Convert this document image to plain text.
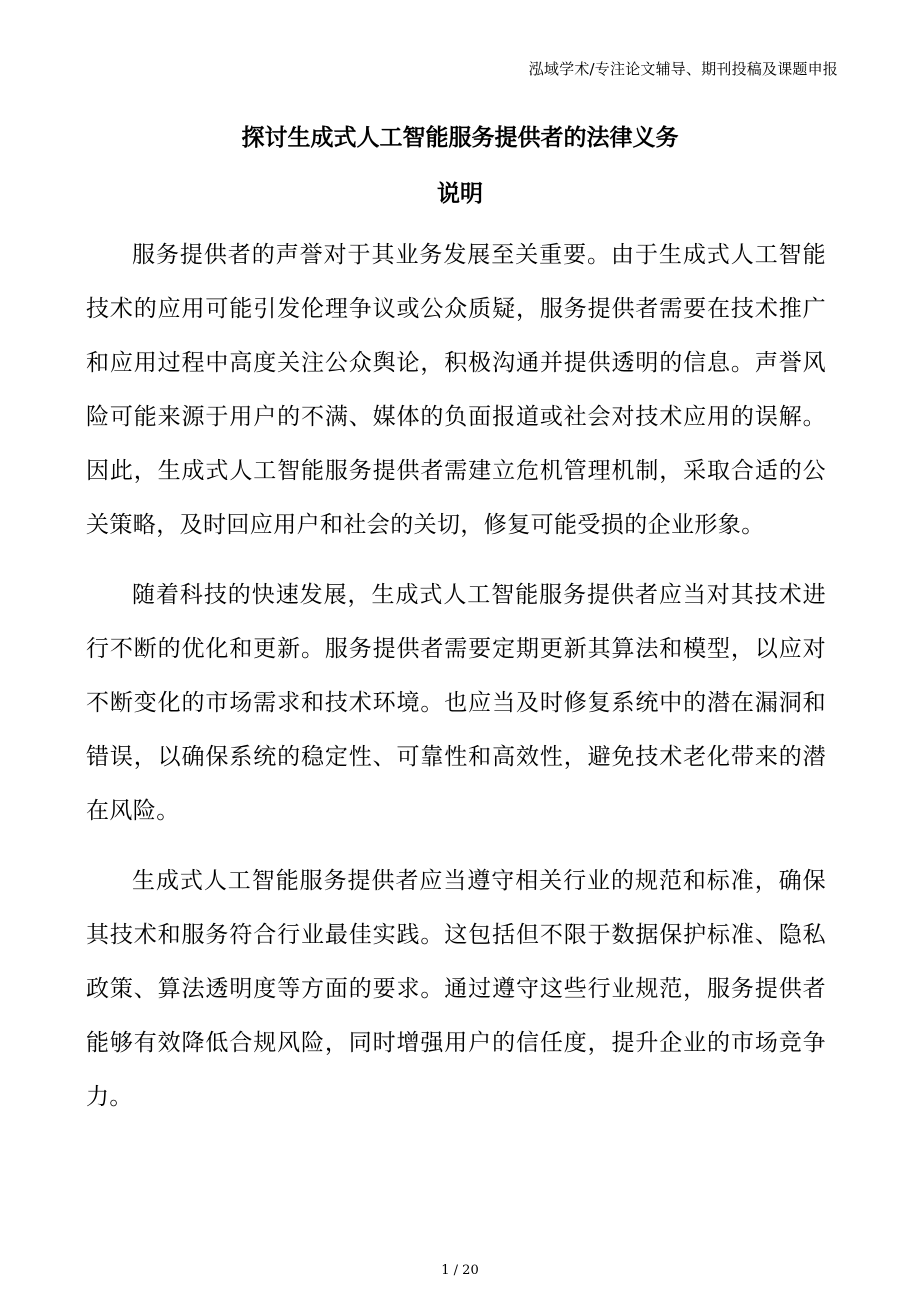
泓域学术/专注论文辅导、期刊投稿及课题申报
探讨生成式人工智能服务提供者的法律义务
说明

服务提供者的声誉对于其业务发展至关重要。由于生成式人工智能技术的应用可能引发伦理争议或公众质疑，服务提供者需要在技术推广和应用过程中高度关注公众舆论，积极沟通并提供透明的信息。声誉风险可能来源于用户的不满、媒体的负面报道或社会对技术应用的误解。因此，生成式人工智能服务提供者需建立危机管理机制，采取合适的公关策略，及时回应用户和社会的关切，修复可能受损的企业形象。

随着科技的快速发展，生成式人工智能服务提供者应当对其技术进行不断的优化和更新。服务提供者需要定期更新其算法和模型，以应对不断变化的市场需求和技术环境。也应当及时修复系统中的潜在漏洞和错误，以确保系统的稳定性、可靠性和高效性，避免技术老化带来的潜在风险。

生成式人工智能服务提供者应当遵守相关行业的规范和标准，确保其技术和服务符合行业最佳实践。这包括但不限于数据保护标准、隐私政策、算法透明度等方面的要求。通过遵守这些行业规范，服务提供者能够有效降低合规风险，同时增强用户的信任度，提升企业的市场竞争力。

1 / 20
